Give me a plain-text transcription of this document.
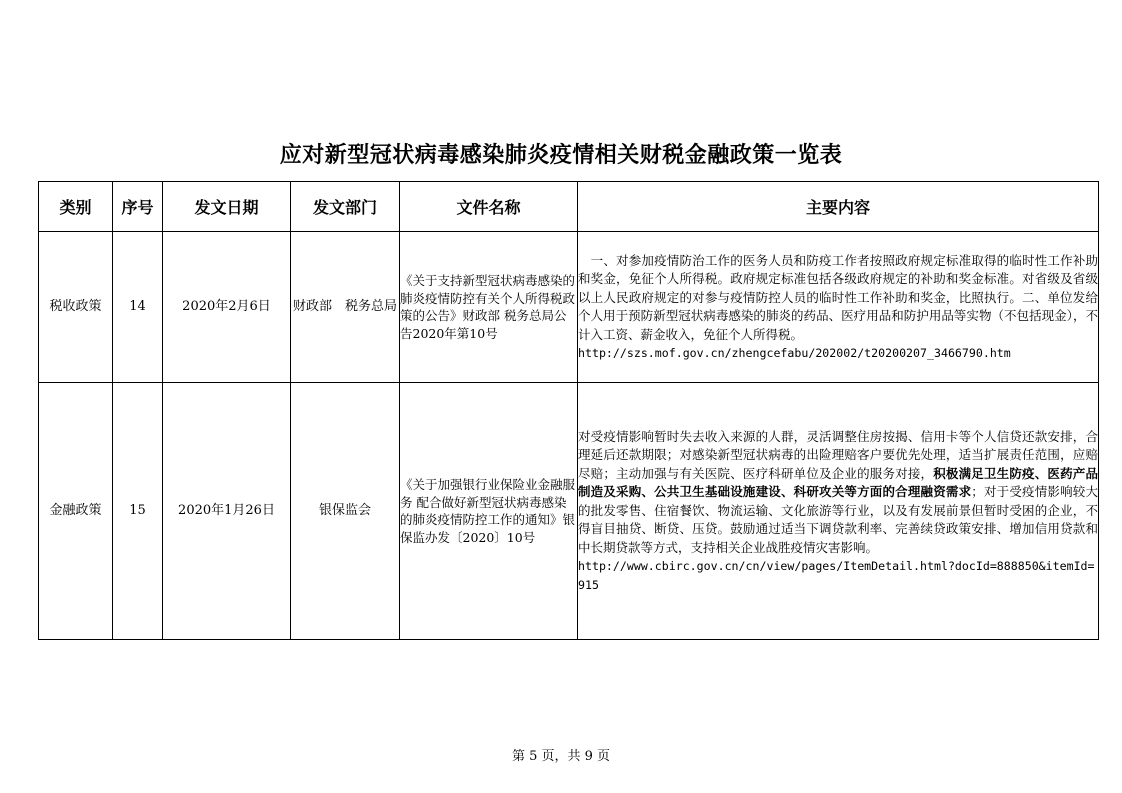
应对新型冠状病毒感染肺炎疫情相关财税金融政策一览表
类别	序号	发文日期	发文部门	文件名称	主要内容
税收政策	14	2020年2月6日	财政部　税务总局	《关于支持新型冠状病毒感染的肺炎疫情防控有关个人所得税政策的公告》财政部 税务总局公告2020年第10号	　一、对参加疫情防治工作的医务人员和防疫工作者按照政府规定标准取得的临时性工作补助和奖金，免征个人所得税。政府规定标准包括各级政府规定的补助和奖金标准。对省级及省级以上人民政府规定的对参与疫情防控人员的临时性工作补助和奖金，比照执行。二、单位发给个人用于预防新型冠状病毒感染的肺炎的药品、医疗用品和防护用品等实物（不包括现金），不计入工资、薪金收入，免征个人所得税。
http://szs.mof.gov.cn/zhengcefabu/202002/t20200207_3466790.htm

金融政策	15	2020年1月26日	银保监会	《关于加强银行业保险业金融服务 配合做好新型冠状病毒感染的肺炎疫情防控工作的通知》银保监办发〔2020〕10号	对受疫情影响暂时失去收入来源的人群，灵活调整住房按揭、信用卡等个人信贷还款安排，合理延后还款期限；对感染新型冠状病毒的出险理赔客户要优先处理，适当扩展责任范围，应赔尽赔；主动加强与有关医院、医疗科研单位及企业的服务对接，积极满足卫生防疫、医药产品制造及采购、公共卫生基础设施建设、科研攻关等方面的合理融资需求；对于受疫情影响较大的批发零售、住宿餐饮、物流运输、文化旅游等行业，以及有发展前景但暂时受困的企业，不得盲目抽贷、断贷、压贷。鼓励通过适当下调贷款利率、完善续贷政策安排、增加信用贷款和中长期贷款等方式，支持相关企业战胜疫情灾害影响。
http://www.cbirc.gov.cn/cn/view/pages/ItemDetail.html?docId=888850&itemId=915
第 5 页，共 9 页
